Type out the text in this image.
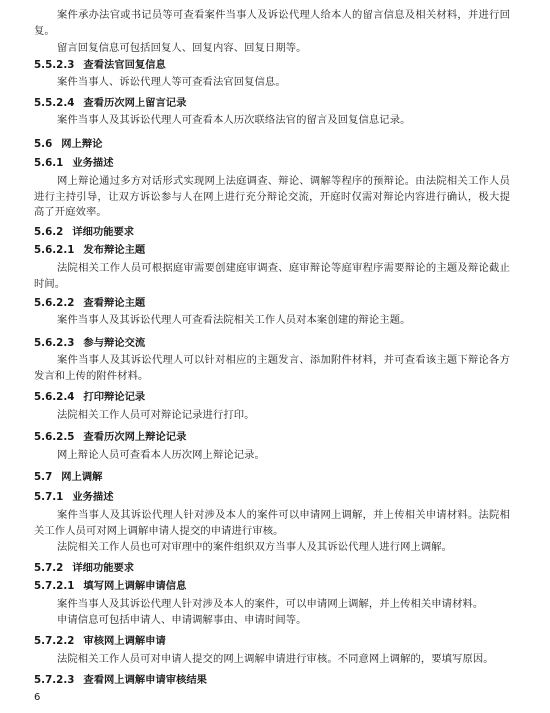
案件承办法官或书记员等可查看案件当事人及诉讼代理人给本人的留言信息及相关材料，并进行回复。
留言回复信息可包括回复人、回复内容、回复日期等。
5.5.2.3 查看法官回复信息
案件当事人、诉讼代理人等可查看法官回复信息。
5.5.2.4 查看历次网上留言记录
案件当事人及其诉讼代理人可查看本人历次联络法官的留言及回复信息记录。
5.6 网上辩论
5.6.1 业务描述
网上辩论通过多方对话形式实现网上法庭调查、辩论、调解等程序的预辩论。由法院相关工作人员进行主持引导，让双方诉讼参与人在网上进行充分辩论交流，开庭时仅需对辩论内容进行确认，极大提高了开庭效率。
5.6.2 详细功能要求
5.6.2.1 发布辩论主题
法院相关工作人员可根据庭审需要创建庭审调查、庭审辩论等庭审程序需要辩论的主题及辩论截止时间。
5.6.2.2 查看辩论主题
案件当事人及其诉讼代理人可查看法院相关工作人员对本案创建的辩论主题。
5.6.2.3 参与辩论交流
案件当事人及其诉讼代理人可以针对相应的主题发言、添加附件材料，并可查看该主题下辩论各方发言和上传的附件材料。
5.6.2.4 打印辩论记录
法院相关工作人员可对辩论记录进行打印。
5.6.2.5 查看历次网上辩论记录
网上辩论人员可查看本人历次网上辩论记录。
5.7 网上调解
5.7.1 业务描述
案件当事人及其诉讼代理人针对涉及本人的案件可以申请网上调解，并上传相关申请材料。法院相关工作人员可对网上调解申请人提交的申请进行审核。
法院相关工作人员也可对审理中的案件组织双方当事人及其诉讼代理人进行网上调解。
5.7.2 详细功能要求
5.7.2.1 填写网上调解申请信息
案件当事人及其诉讼代理人针对涉及本人的案件，可以申请网上调解，并上传相关申请材料。
申请信息可包括申请人、申请调解事由、申请时间等。
5.7.2.2 审核网上调解申请
法院相关工作人员可对申请人提交的网上调解申请进行审核。不同意网上调解的，要填写原因。
5.7.2.3 查看网上调解申请审核结果
6
